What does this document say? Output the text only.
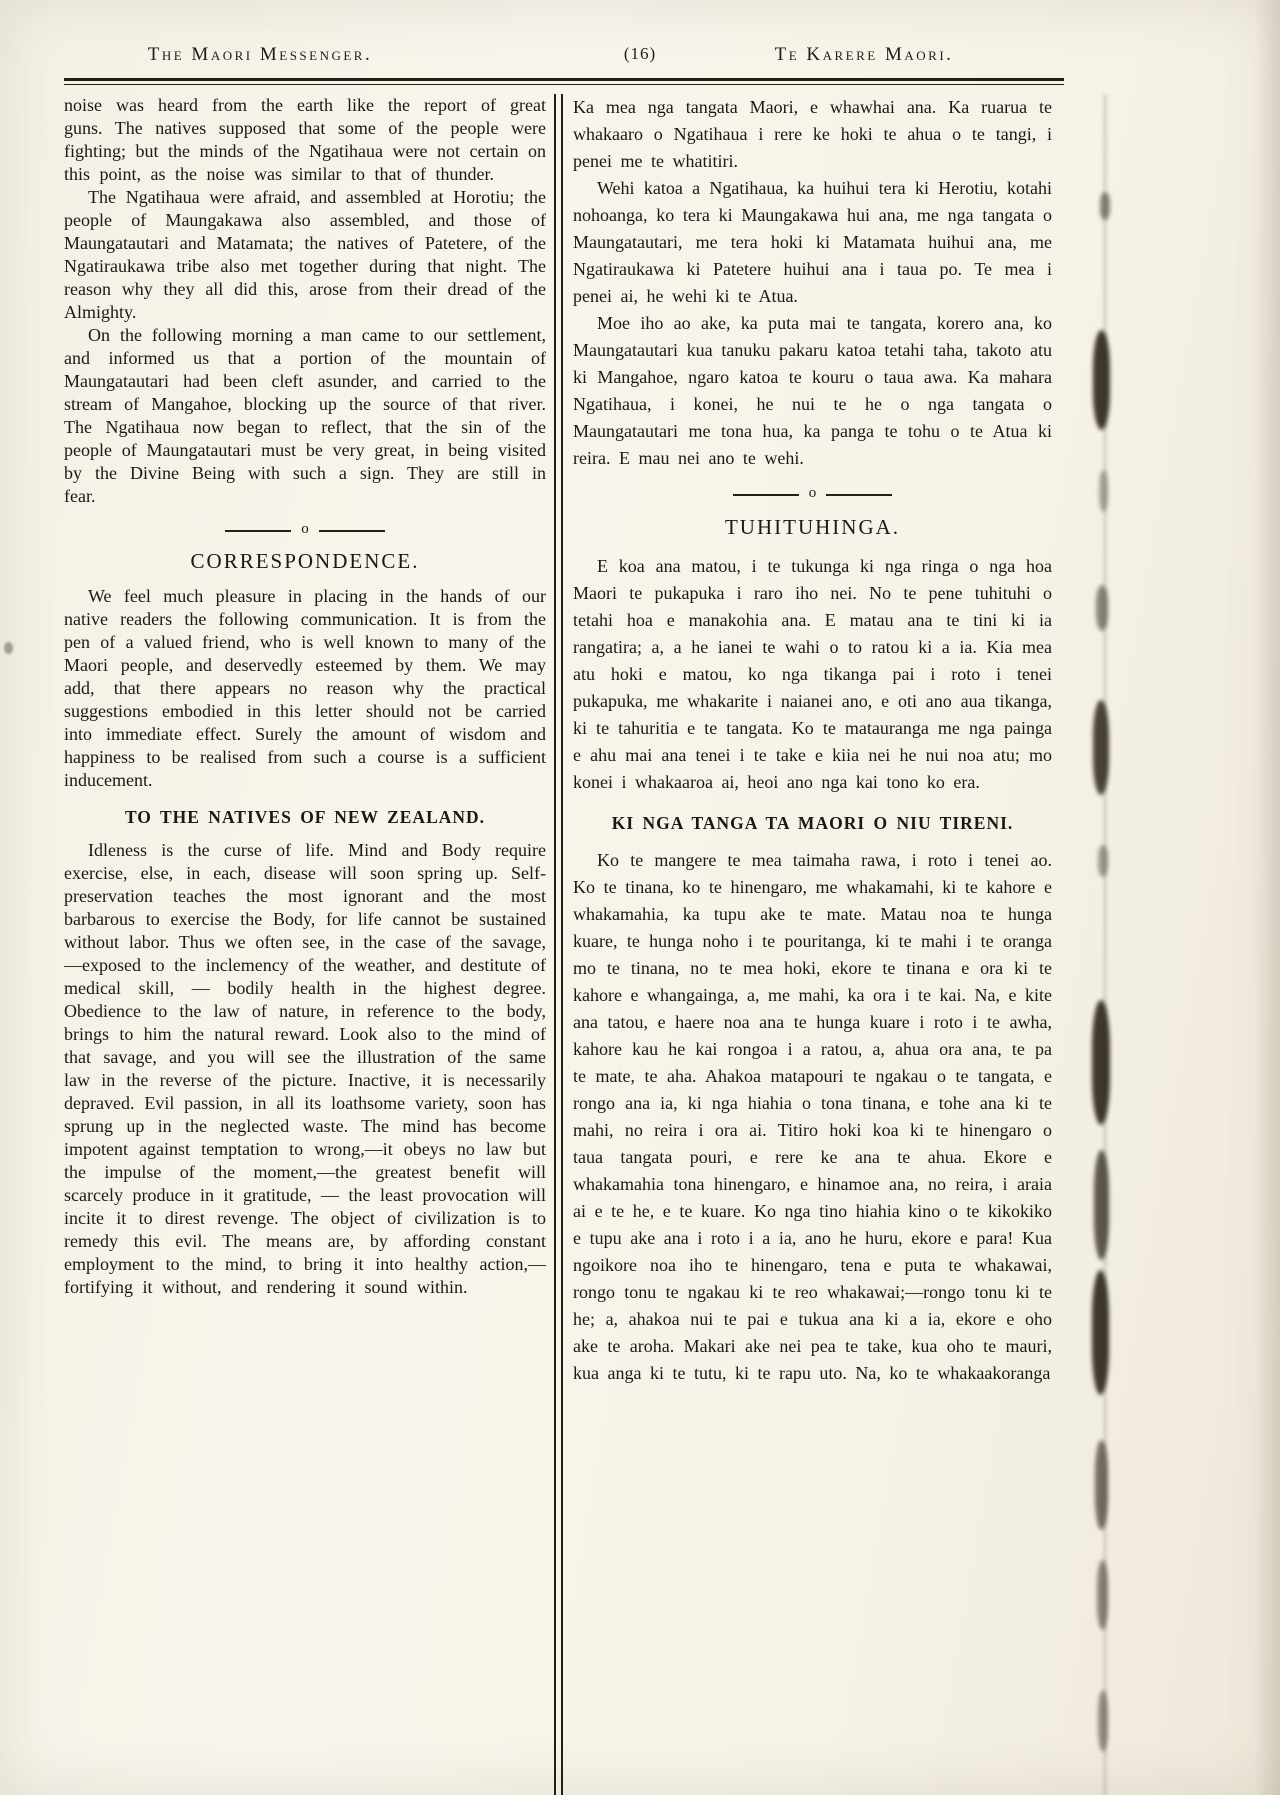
The Maori Messenger.	(16)	Te Karere Maori.

noise was heard from the earth like the report of great guns. The natives supposed that some of the people were fighting; but the minds of the Ngatihaua were not certain on this point, as the noise was similar to that of thunder.

The Ngatihaua were afraid, and assembled at Horotiu; the people of Maungakawa also assembled, and those of Maungatautari and Matamata; the natives of Patetere, of the Ngatiraukawa tribe also met together during that night. The reason why they all did this, arose from their dread of the Almighty.

On the following morning a man came to our settlement, and informed us that a portion of the mountain of Maungatautari had been cleft asunder, and carried to the stream of Mangahoe, blocking up the source of that river. The Ngatihaua now began to reflect, that the sin of the people of Maungatautari must be very great, in being visited by the Divine Being with such a sign. They are still in fear.

o
CORRESPONDENCE.

We feel much pleasure in placing in the hands of our native readers the following communication. It is from the pen of a valued friend, who is well known to many of the Maori people, and deservedly esteemed by them. We may add, that there appears no reason why the practical suggestions embodied in this letter should not be carried into immediate effect. Surely the amount of wisdom and happiness to be realised from such a course is a sufficient inducement.

TO THE NATIVES OF NEW ZEALAND.

Idleness is the curse of life. Mind and Body require exercise, else, in each, disease will soon spring up. Self-preservation teaches the most ignorant and the most barbarous to exercise the Body, for life cannot be sustained without labor. Thus we often see, in the case of the savage,—exposed to the inclemency of the weather, and destitute of medical skill, — bodily health in the highest degree. Obedience to the law of nature, in reference to the body, brings to him the natural reward. Look also to the mind of that savage, and you will see the illustration of the same law in the reverse of the picture. Inactive, it is necessarily depraved. Evil passion, in all its loathsome variety, soon has sprung up in the neglected waste. The mind has become impotent against temptation to wrong,—it obeys no law but the impulse of the moment,—the greatest benefit will scarcely produce in it gratitude, — the least provocation will incite it to direst revenge. The object of civilization is to remedy this evil. The means are, by affording constant employment to the mind, to bring it into healthy action,—fortifying it without, and rendering it sound within.

Ka mea nga tangata Maori, e whawhai ana. Ka ruarua te whakaaro o Ngatihaua i rere ke hoki te ahua o te tangi, i penei me te whatitiri.

Wehi katoa a Ngatihaua, ka huihui tera ki Herotiu, kotahi nohoanga, ko tera ki Maungakawa hui ana, me nga tangata o Maungatautari, me tera hoki ki Matamata huihui ana, me Ngatiraukawa ki Patetere huihui ana i taua po. Te mea i penei ai, he wehi ki te Atua.

Moe iho ao ake, ka puta mai te tangata, korero ana, ko Maungatautari kua tanuku pakaru katoa tetahi taha, takoto atu ki Mangahoe, ngaro katoa te kouru o taua awa. Ka mahara Ngatihaua, i konei, he nui te he o nga tangata o Maungatautari me tona hua, ka panga te tohu o te Atua ki reira. E mau nei ano te wehi.

o
TUHITUHINGA.

E koa ana matou, i te tukunga ki nga ringa o nga hoa Maori te pukapuka i raro iho nei. No te pene tuhituhi o tetahi hoa e manakohia ana. E matau ana te tini ki ia rangatira; a, a he ianei te wahi o to ratou ki a ia. Kia mea atu hoki e matou, ko nga tikanga pai i roto i tenei pukapuka, me whakarite i naianei ano, e oti ano aua tikanga, ki te tahuritia e te tangata. Ko te matauranga me nga painga e ahu mai ana tenei i te take e kiia nei he nui noa atu; mo konei i whakaaroa ai, heoi ano nga kai tono ko era.

KI NGA TANGA TA MAORI O NIU TIRENI.

Ko te mangere te mea taimaha rawa, i roto i tenei ao. Ko te tinana, ko te hinengaro, me whakamahi, ki te kahore e whakamahia, ka tupu ake te mate. Matau noa te hunga kuare, te hunga noho i te pouritanga, ki te mahi i te oranga mo te tinana, no te mea hoki, ekore te tinana e ora ki te kahore e whangainga, a, me mahi, ka ora i te kai. Na, e kite ana tatou, e haere noa ana te hunga kuare i roto i te awha, kahore kau he kai rongoa i a ratou, a, ahua ora ana, te pa te mate, te aha. Ahakoa matapouri te ngakau o te tangata, e rongo ana ia, ki nga hiahia o tona tinana, e tohe ana ki te mahi, no reira i ora ai. Titiro hoki koa ki te hinengaro o taua tangata pouri, e rere ke ana te ahua. Ekore e whakamahia tona hinengaro, e hinamoe ana, no reira, i araia ai e te he, e te kuare. Ko nga tino hiahia kino o te kikokiko e tupu ake ana i roto i a ia, ano he huru, ekore e para! Kua ngoikore noa iho te hinengaro, tena e puta te whakawai, rongo tonu te ngakau ki te reo whakawai;—rongo tonu ki te he; a, ahakoa nui te pai e tukua ana ki a ia, ekore e oho ake te aroha. Makari ake nei pea te take, kua oho te mauri, kua anga ki te tutu, ki te rapu uto. Na, ko te whakaakoranga
